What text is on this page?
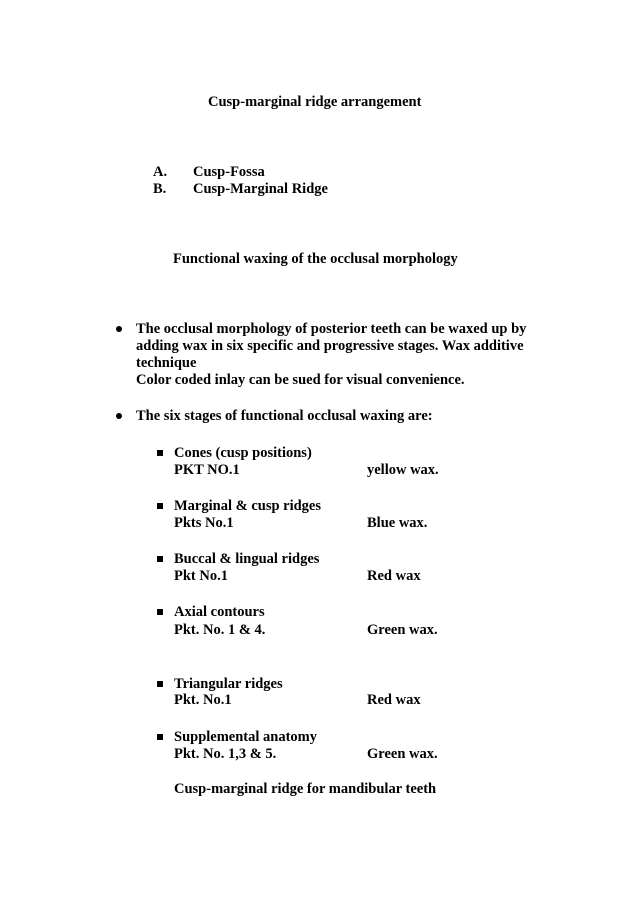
Cusp-marginal ridge arrangement
A. Cusp-Fossa
B. Cusp-Marginal Ridge
Functional waxing of the occlusal morphology
The occlusal morphology of posterior teeth can be waxed up by
adding wax in six specific and progressive stages. Wax additive
technique
Color coded inlay can be sued for visual convenience.
The six stages of functional occlusal waxing are:
Cones (cusp positions)
PKT NO.1	yellow wax.
Marginal & cusp ridges
Pkts No.1	Blue wax.
Buccal & lingual ridges
Pkt No.1	Red wax
Axial contours
Pkt. No. 1 & 4.	Green wax.
Triangular ridges
Pkt. No.1	Red wax
Supplemental anatomy
Pkt. No. 1,3 & 5.	Green wax.
Cusp-marginal ridge for mandibular teeth
